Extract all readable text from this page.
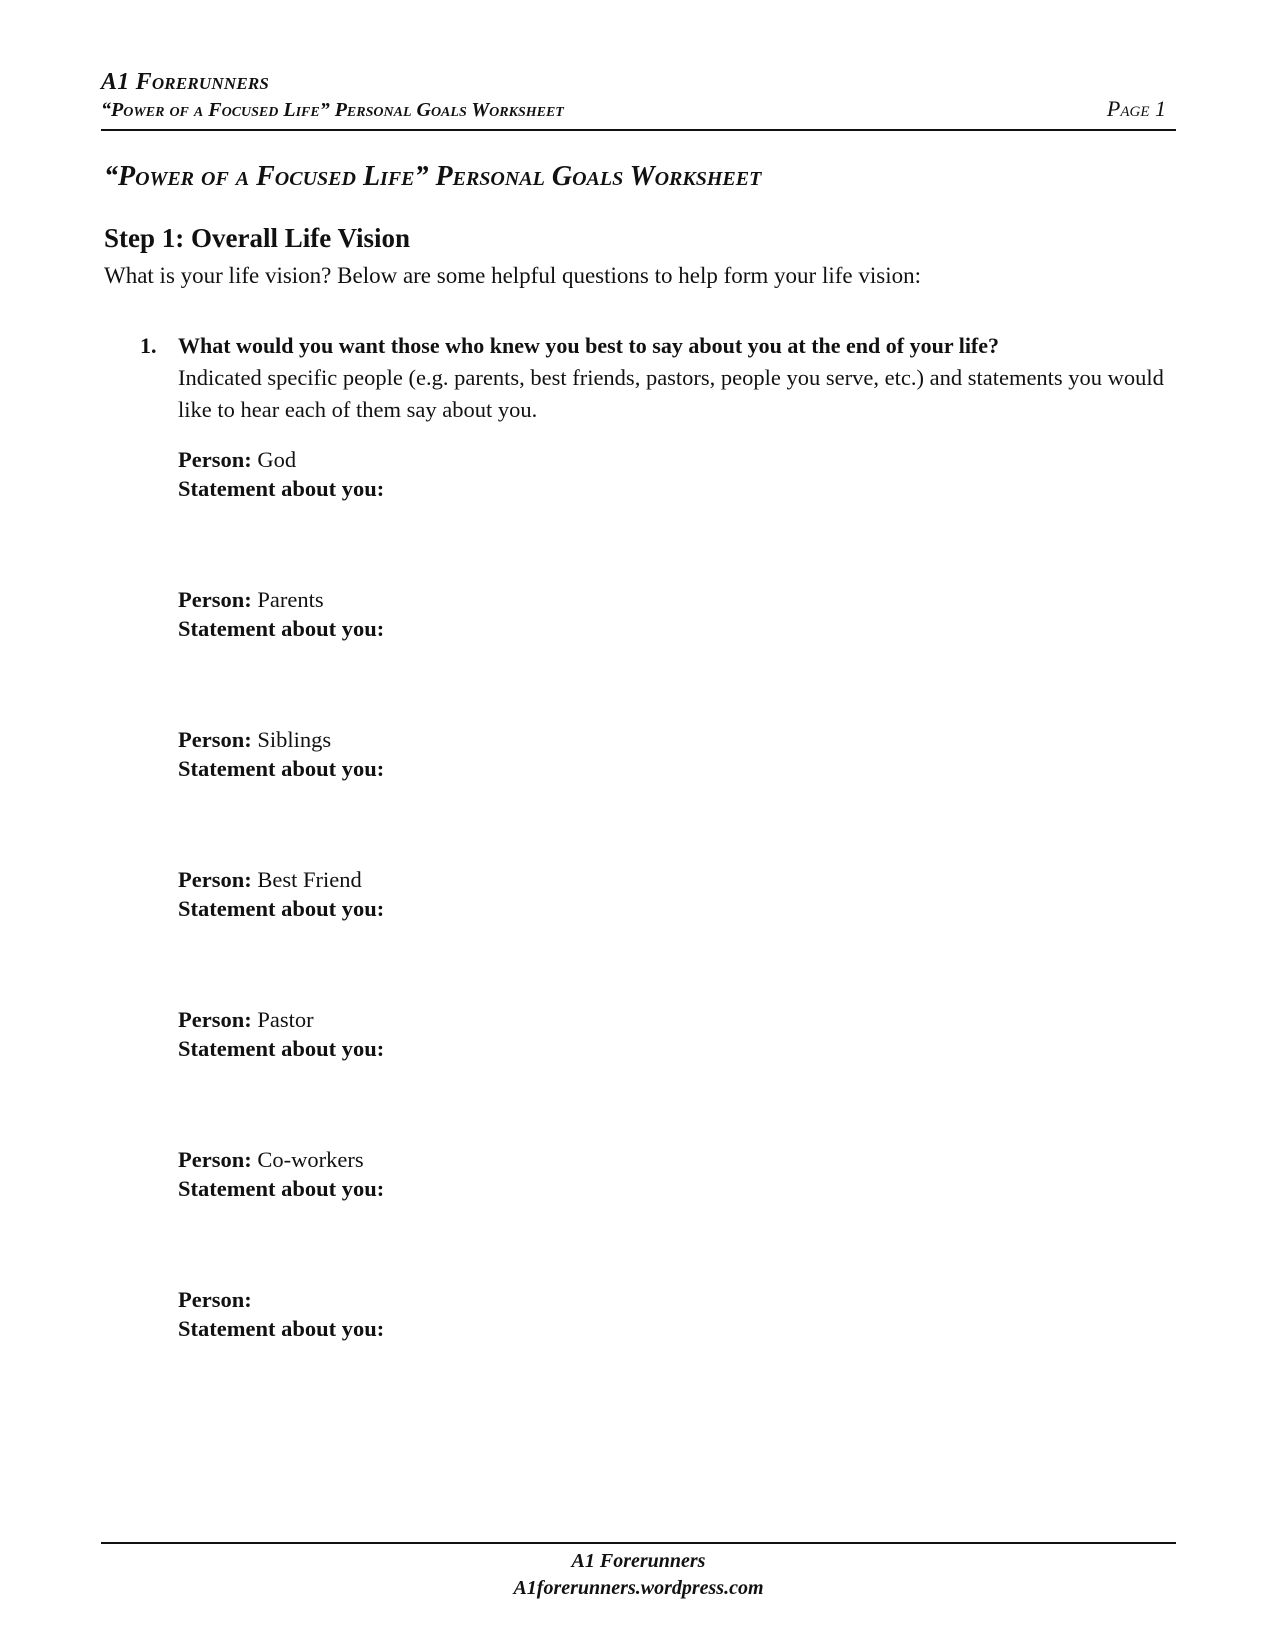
A1 Forerunners
“Power of a Focused Life” Personal Goals Worksheet	Page 1
“Power of a Focused Life” Personal Goals Worksheet
Step 1: Overall Life Vision
What is your life vision? Below are some helpful questions to help form your life vision:
1. What would you want those who knew you best to say about you at the end of your life?
Indicated specific people (e.g. parents, best friends, pastors, people you serve, etc.) and statements you would like to hear each of them say about you.
Person: God
Statement about you:
Person: Parents
Statement about you:
Person: Siblings
Statement about you:
Person: Best Friend
Statement about you:
Person: Pastor
Statement about you:
Person: Co-workers
Statement about you:
Person:
Statement about you:
A1 Forerunners
A1forerunners.wordpress.com
